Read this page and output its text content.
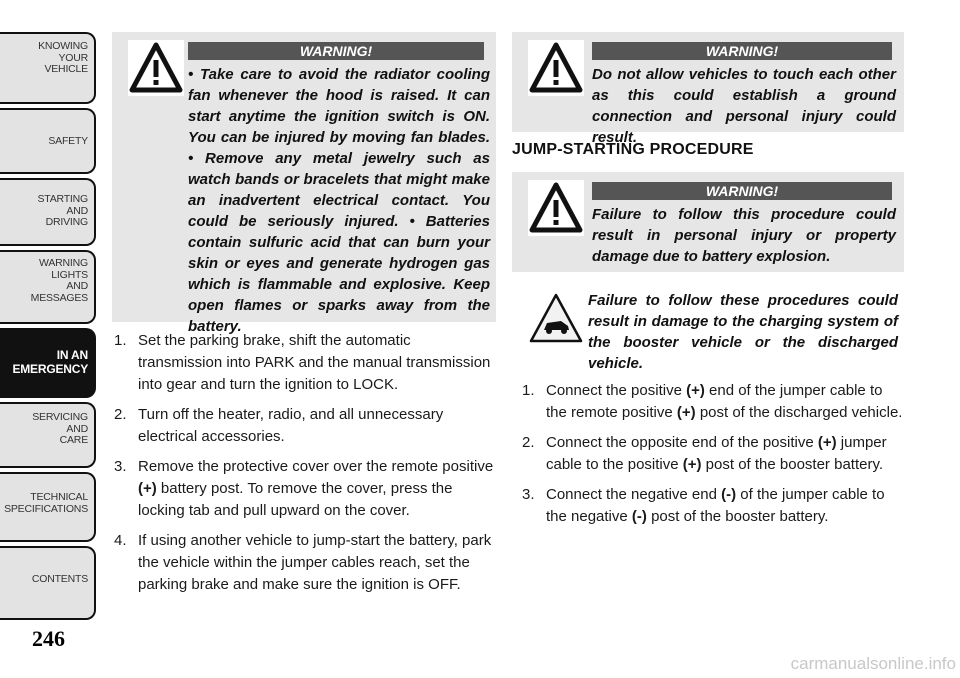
KNOWING
YOUR
VEHICLE
SAFETY
STARTING
AND
DRIVING
WARNING
LIGHTS
AND
MESSAGES
IN AN
EMERGENCY
SERVICING
AND
CARE
TECHNICAL
SPECIFICATIONS
CONTENTS
246
WARNING!

• Take care to avoid the radiator cooling fan whenever the hood is raised. It can start anytime the ignition switch is ON. You can be injured by moving fan blades. • Remove any metal jewelry such as watch bands or bracelets that might make an inadvertent electrical contact. You could be seriously injured. • Batteries contain sulfuric acid that can burn your skin or eyes and generate hydrogen gas which is flammable and explosive. Keep open flames or sparks away from the battery.

1. Set the parking brake, shift the automatic transmission into PARK and the manual transmission into gear and turn the ignition to LOCK.
2. Turn off the heater, radio, and all unnecessary electrical accessories.
3. Remove the protective cover over the remote positive (+) battery post. To remove the cover, press the locking tab and pull upward on the cover.
4. If using another vehicle to jump-start the battery, park the vehicle within the jumper cables reach, set the parking brake and make sure the ignition is OFF.
WARNING!

Do not allow vehicles to touch each other as this could establish a ground connection and personal injury could result.

JUMP-STARTING PROCEDURE
WARNING!

Failure to follow this procedure could result in personal injury or property damage due to battery explosion.

Failure to follow these procedures could result in damage to the charging system of the booster vehicle or the discharged vehicle.

1. Connect the positive (+) end of the jumper cable to the remote positive (+) post of the discharged vehicle.
2. Connect the opposite end of the positive (+) jumper cable to the positive (+) post of the booster battery.
3. Connect the negative end (-) of the jumper cable to the negative (-) post of the booster battery.
carmanualsonline.info
